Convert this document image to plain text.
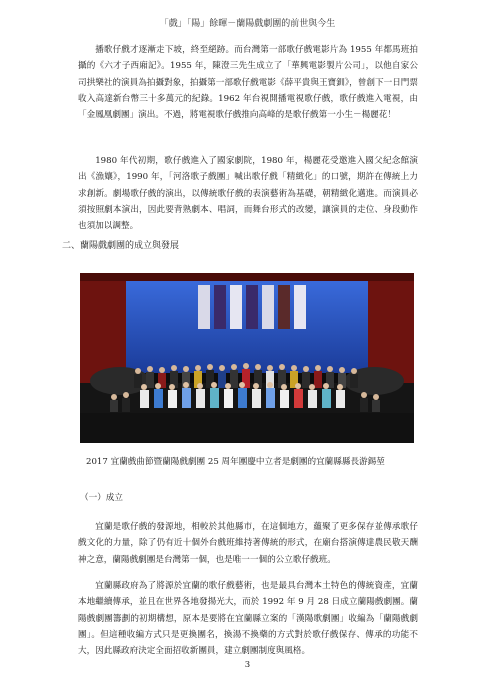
「戲」「陽」餘暉－蘭陽戲劇團的前世與今生

播歌仔戲才逐漸走下坡，終至絕跡。而台灣第一部歌仔戲電影片為 1955 年都馬班拍攝的《六才子西廂記》。1955 年，陳澄三先生成立了「華興電影製片公司」，以他自家公司拱樂社的演員為拍攝對象，拍攝第一部歌仔戲電影《薛平貴與王寶釧》，曾創下一日門票收入高達新台幣三十多萬元的紀錄。1962 年台視開播電視歌仔戲，歌仔戲進入電視，由「金鳳凰劇團」演出。不過，將電視歌仔戲推向高峰的是歌仔戲第一小生－楊麗花！

1980 年代初期，歌仔戲進入了國家劇院，1980 年，楊麗花受邀進入國父紀念館演出《漁孃》，1990 年，「河洛歌子戲團」喊出歌仔戲「精緻化」的口號，期許在傳統上力求創新。劇場歌仔戲的演出，以傳統歌仔戲的表演藝術為基礎，朝精緻化邁進。而演員必須按照劇本演出，因此要背熟劇本、唱詞，而舞台形式的改變，讓演員的走位、身段動作也須加以調整。

二、蘭陽戲劇團的成立與發展
2017 宜蘭戲曲節暨蘭陽戲劇團 25 周年團慶中立者是劇團的宜蘭縣縣長游錫堃
（一）成立

宜蘭是歌仔戲的發源地，相較於其他縣市，在這個地方，蘊聚了更多保存並傳承歌仔戲文化的力量，除了仍有近十個外台戲班維持著傳統的形式，在廟台搭演傳達農民敬天酬神之意，蘭陽戲劇團是台灣第一個，也是唯一一個的公立歌仔戲班。

宜蘭縣政府為了將源於宜蘭的歌仔戲藝術，也是最具台灣本土特色的傳統資產，宜蘭本地繼續傳承，並且在世界各地發揚光大，而於 1992 年 9 月 28 日成立蘭陽戲劇團。蘭陽戲劇團籌劃的初期構想，原本是要將在宜蘭縣立案的「漢陽歌劇團」收編為「蘭陽戲劇團」。但這種收編方式只是更換團名，換湯不換藥的方式對於歌仔戲保存、傳承的功能不大，因此縣政府決定全面招收新團員，建立劇團制度與風格。

3
